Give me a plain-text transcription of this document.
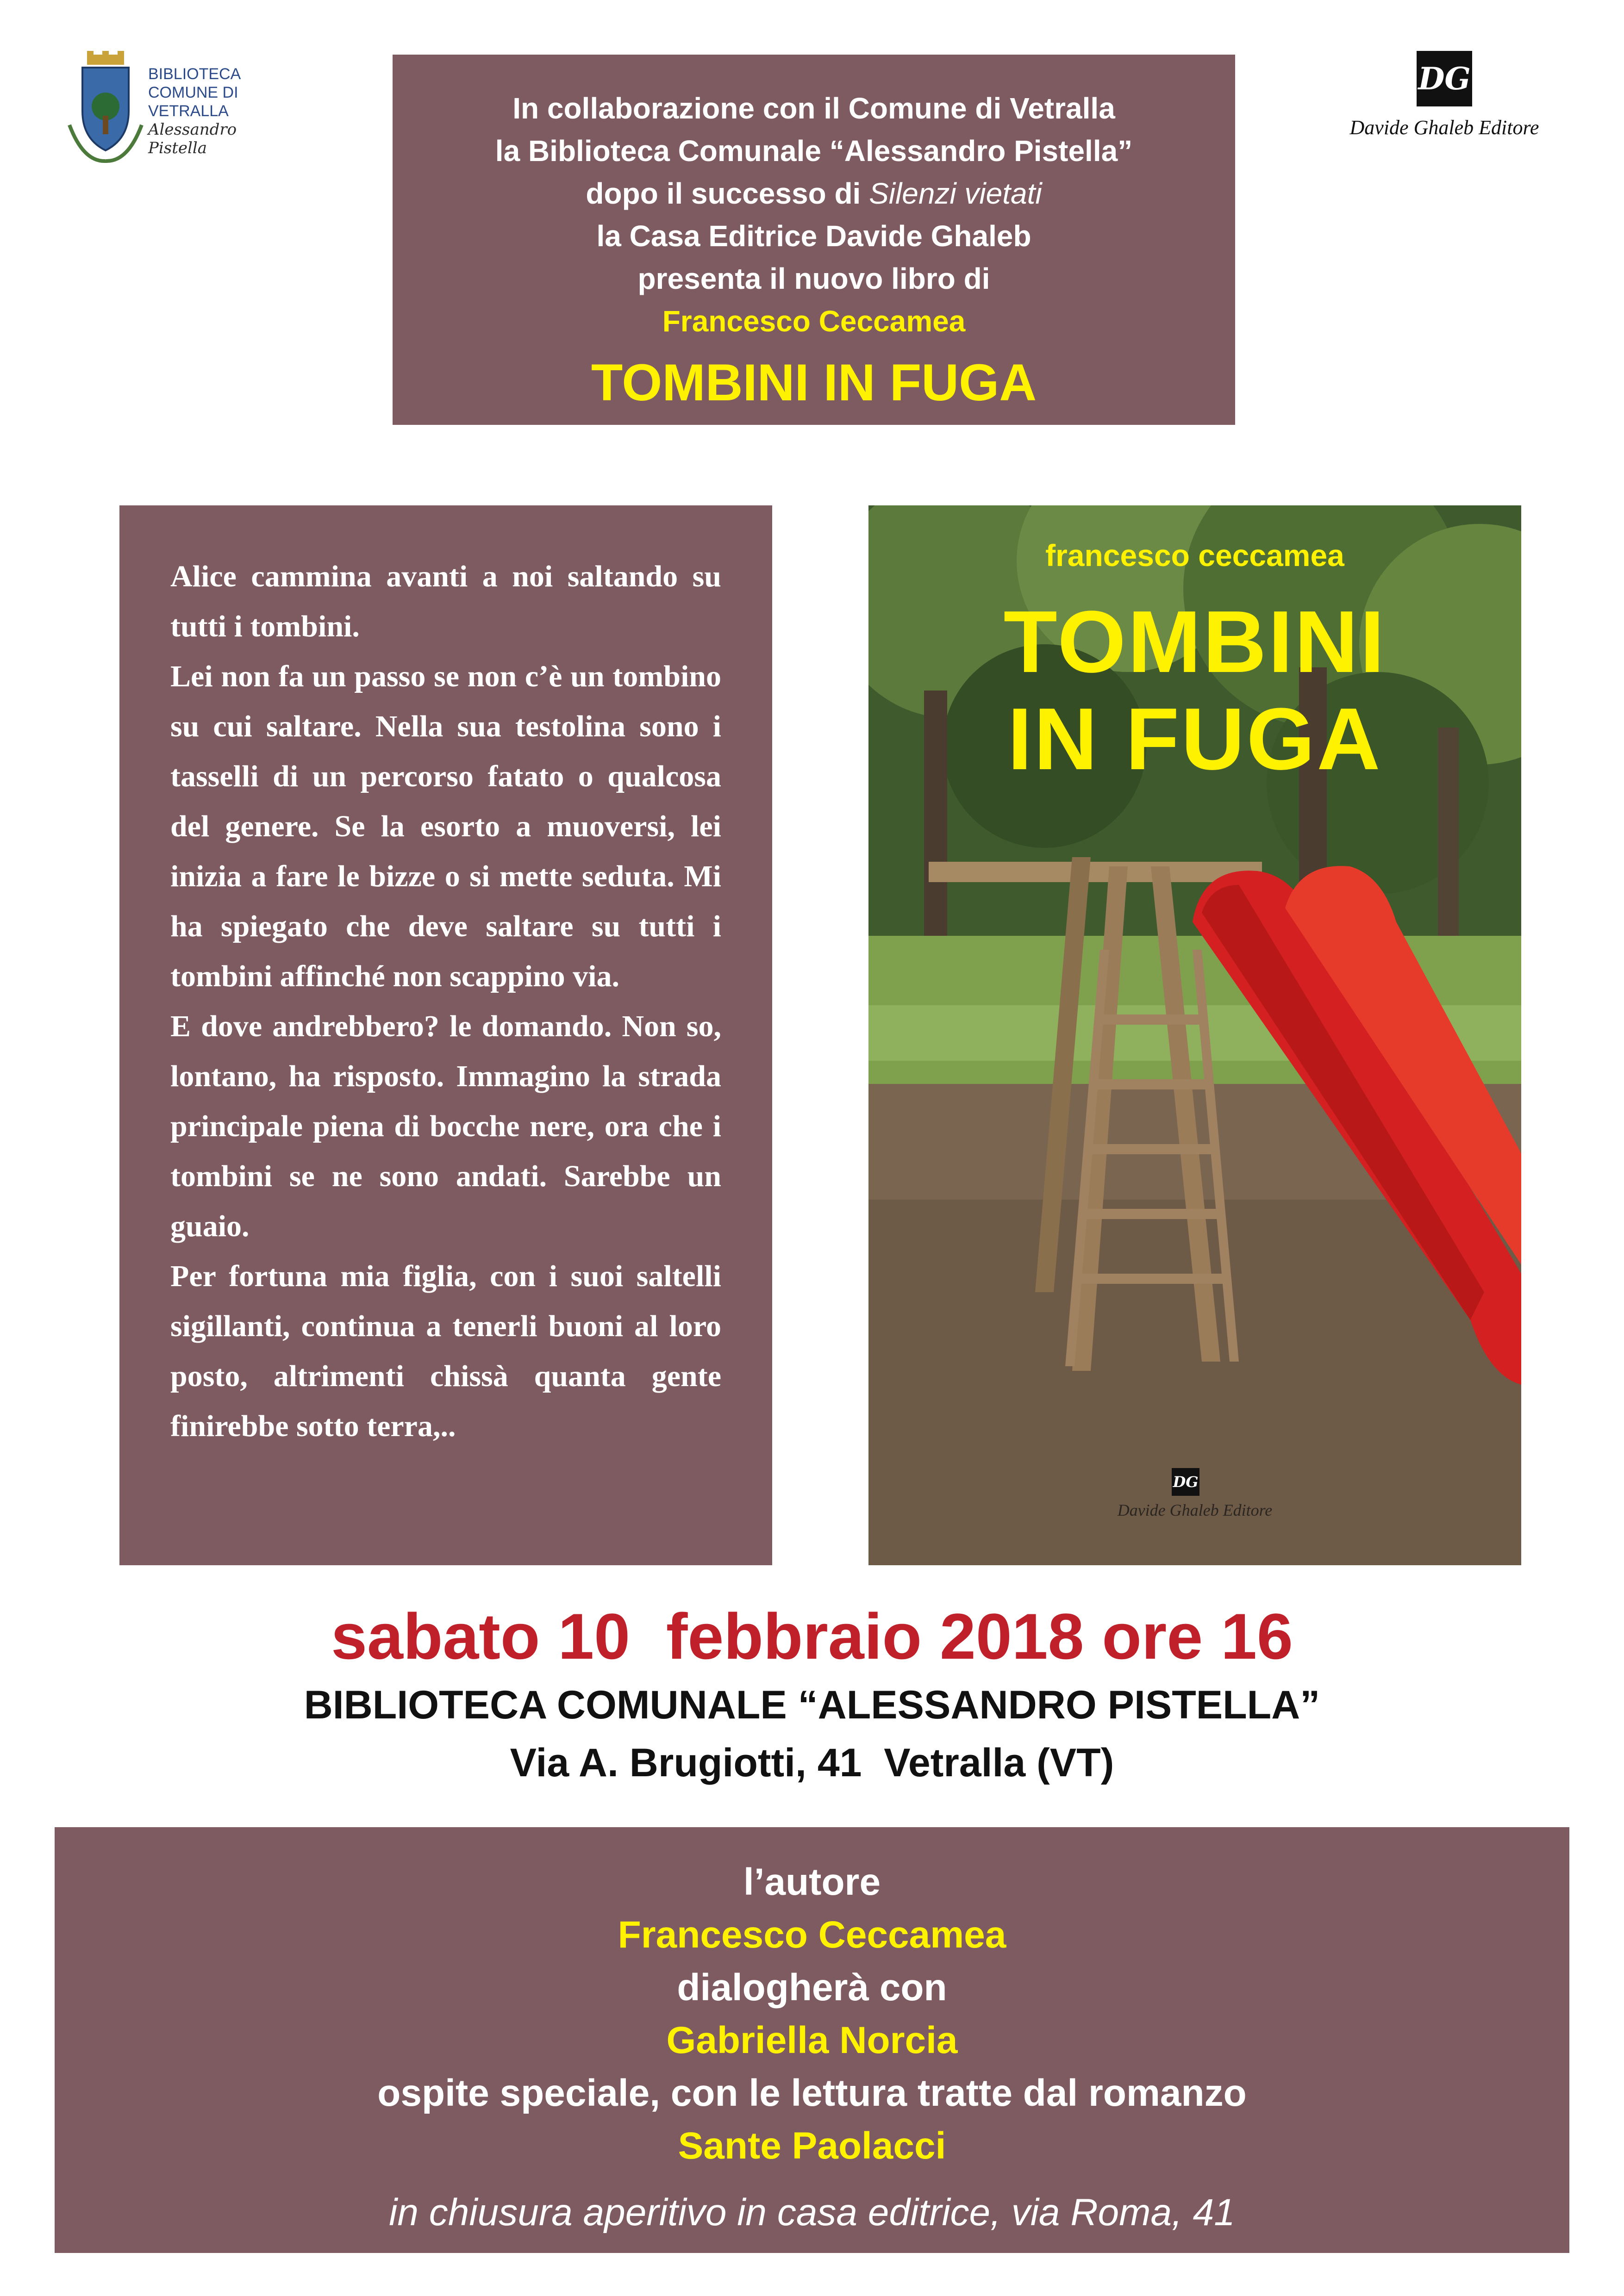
BIBLIOTECA
COMUNE DI VETRALLA
Alessandro Pistella
DG
Davide Ghaleb Editore
In collaborazione con il Comune di Vetralla
la Biblioteca Comunale “Alessandro Pistella”
dopo il successo di Silenzi vietati
la Casa Editrice Davide Ghaleb
presenta il nuovo libro di
Francesco Ceccamea
TOMBINI IN FUGA

Alice cammina avanti a noi saltando su tutti i tombini.

Lei non fa un passo se non c’è un tombino su cui saltare. Nella sua testolina sono i tasselli di un percorso fatato o qualcosa del genere. Se la esorto a muoversi, lei inizia a fare le bizze o si mette seduta. Mi ha spiegato che deve saltare su tutti i tombini affinché non scappino via.

E dove andrebbero? le domando. Non so, lontano, ha risposto. Immagino la strada principale piena di bocche nere, ora che i tombini se ne sono andati. Sarebbe un guaio.

Per fortuna mia figlia, con i suoi saltelli sigillanti, continua a tenerli buoni al loro posto, altrimenti chissà quanta gente finirebbe sotto terra,..

francesco ceccamea
TOMBINI
IN FUGA
DG
Davide Ghaleb Editore
sabato 10  febbraio 2018 ore 16
BIBLIOTECA COMUNALE “ALESSANDRO PISTELLA”
Via A. Brugiotti, 41  Vetralla (VT)
l’autore
Francesco Ceccamea
dialogherà con
Gabriella Norcia
ospite speciale, con le lettura tratte dal romanzo
Sante Paolacci
in chiusura aperitivo in casa editrice, via Roma, 41
